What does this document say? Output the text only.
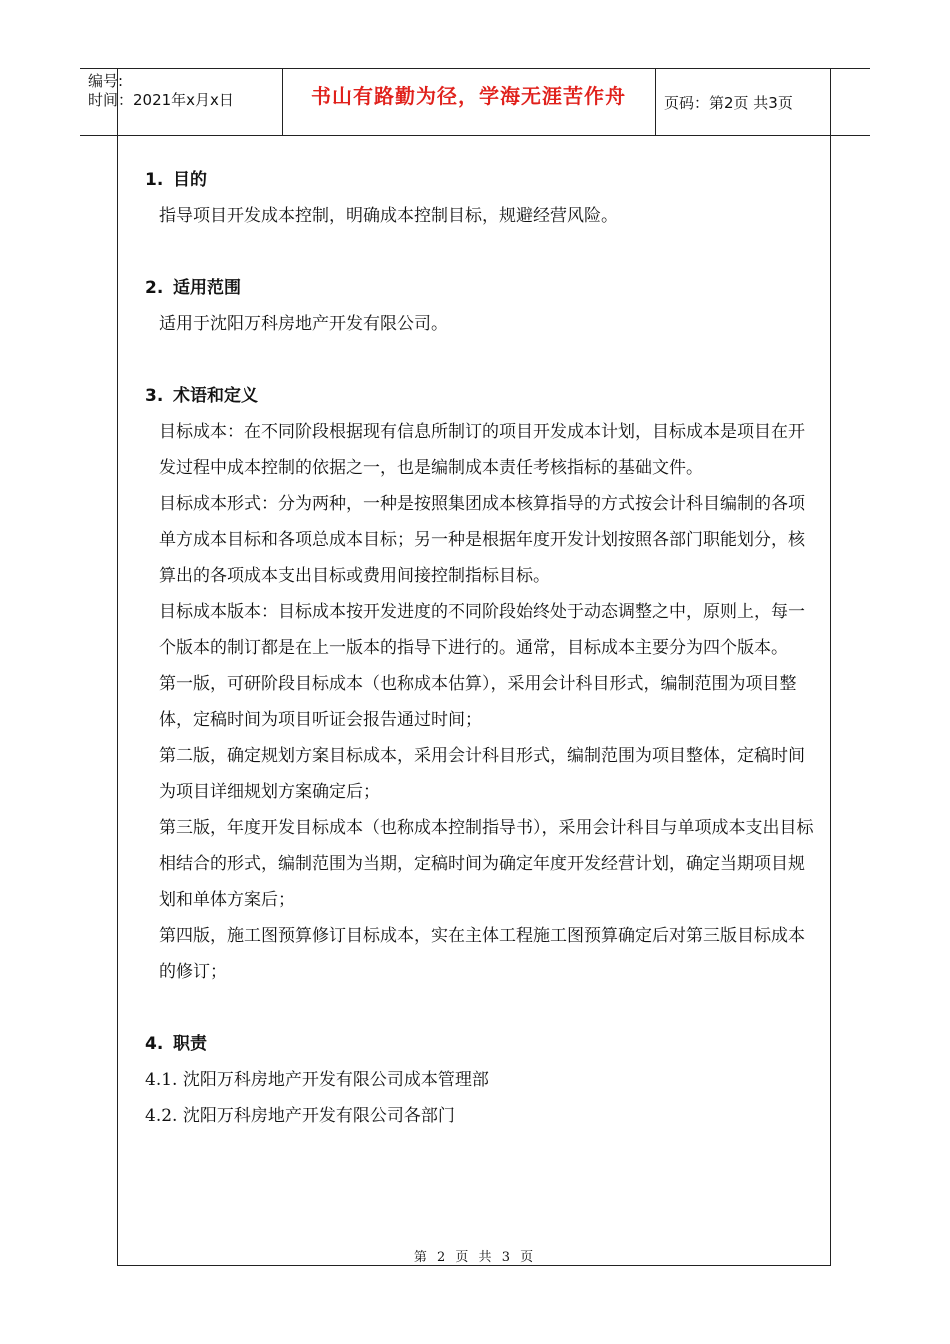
编号:
时间：2021年x月x日	书山有路勤为径，学海无涯苦作舟	页码：第2页 共3页
1. 目的
指导项目开发成本控制，明确成本控制目标，规避经营风险。
2. 适用范围
适用于沈阳万科房地产开发有限公司。
3. 术语和定义
目标成本：在不同阶段根据现有信息所制订的项目开发成本计划，目标成本是项目在开发过程中成本控制的依据之一，也是编制成本责任考核指标的基础文件。
目标成本形式：分为两种，一种是按照集团成本核算指导的方式按会计科目编制的各项单方成本目标和各项总成本目标；另一种是根据年度开发计划按照各部门职能划分，核算出的各项成本支出目标或费用间接控制指标目标。
目标成本版本：目标成本按开发进度的不同阶段始终处于动态调整之中，原则上，每一个版本的制订都是在上一版本的指导下进行的。通常，目标成本主要分为四个版本。
第一版，可研阶段目标成本（也称成本估算），采用会计科目形式，编制范围为项目整体，定稿时间为项目听证会报告通过时间；
第二版，确定规划方案目标成本，采用会计科目形式，编制范围为项目整体，定稿时间为项目详细规划方案确定后；
第三版，年度开发目标成本（也称成本控制指导书），采用会计科目与单项成本支出目标相结合的形式，编制范围为当期，定稿时间为确定年度开发经营计划，确定当期项目规划和单体方案后；
第四版，施工图预算修订目标成本，实在主体工程施工图预算确定后对第三版目标成本的修订；
4. 职责
4.1. 沈阳万科房地产开发有限公司成本管理部
4.2. 沈阳万科房地产开发有限公司各部门
第 2 页 共 3 页
